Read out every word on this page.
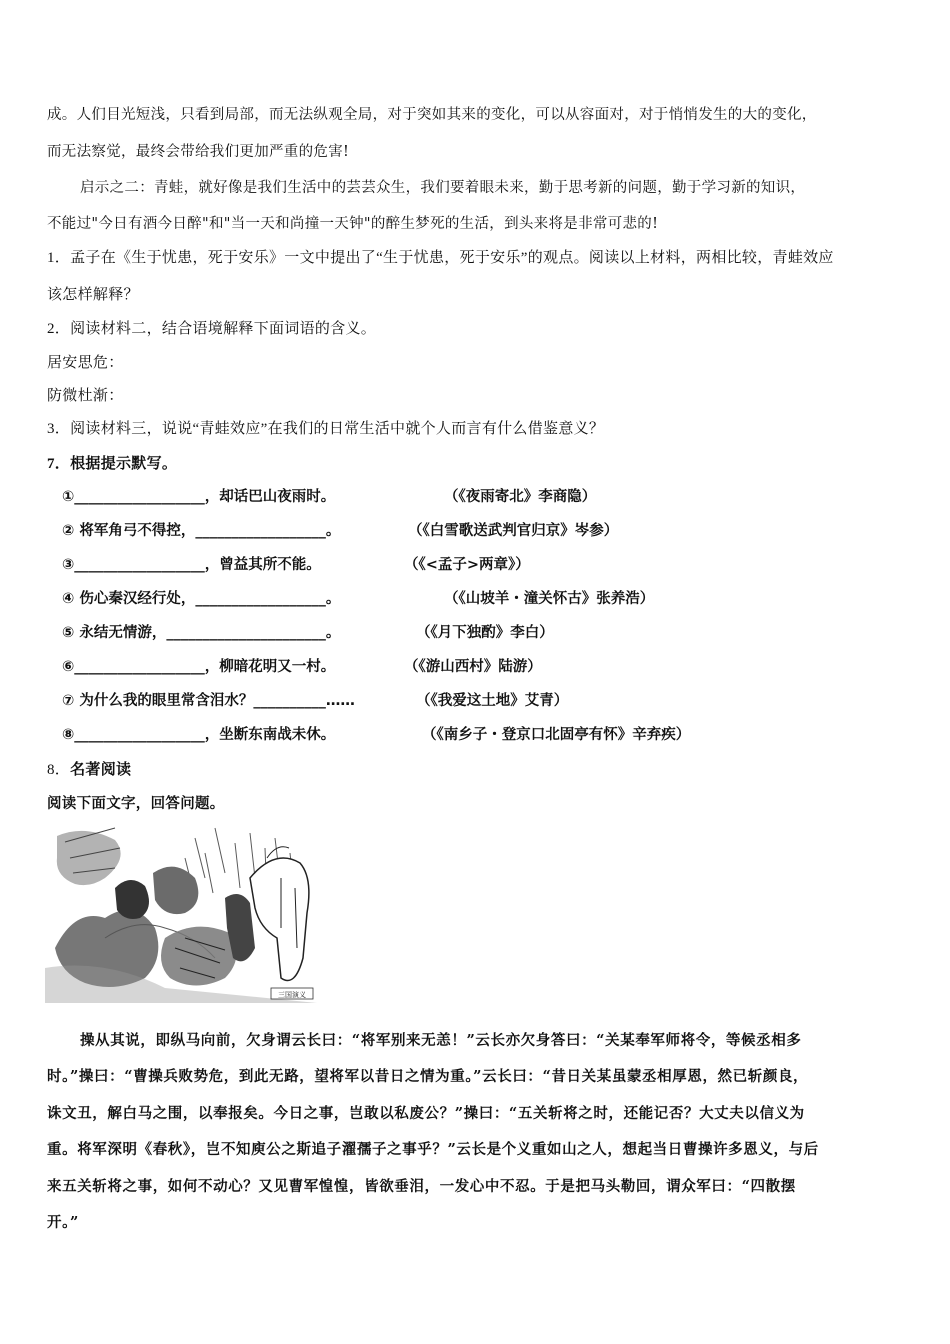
成。人们目光短浅，只看到局部，而无法纵观全局，对于突如其来的变化，可以从容面对，对于悄悄发生的大的变化，
而无法察觉，最终会带给我们更加严重的危害!
启示之二：青蛙，就好像是我们生活中的芸芸众生，我们要着眼未来，勤于思考新的问题，勤于学习新的知识，
不能过"今日有酒今日醉"和"当一天和尚撞一天钟"的醉生梦死的生活，到头来将是非常可悲的!
1．孟子在《生于忧患，死于安乐》一文中提出了“生于忧患，死于安乐”的观点。阅读以上材料，两相比较，青蛙效应
该怎样解释？
2．阅读材料二，结合语境解释下面词语的含义。
居安思危：
防微杜渐：
3．阅读材料三，说说“青蛙效应”在我们的日常生活中就个人而言有什么借鉴意义？
7．根据提示默写。
①__________________，却话巴山夜雨时。	（《夜雨寄北》李商隐）
② 将军角弓不得控，__________________。	（《白雪歌送武判官归京》岑参）
③__________________，曾益其所不能。	（《<孟子>两章》）
④ 伤心秦汉经行处，__________________。	（《山坡羊・潼关怀古》张养浩）
⑤ 永结无情游，______________________。	（《月下独酌》李白）
⑥__________________，柳暗花明又一村。	（《游山西村》陆游）
⑦ 为什么我的眼里常含泪水？__________……	（《我爱这土地》艾青）
⑧__________________，坐断东南战未休。	（《南乡子・登京口北固亭有怀》辛弃疾）
8．名著阅读
阅读下面文字，回答问题。
三国演义
操从其说，即纵马向前，欠身谓云长曰：“将军别来无恙！”云长亦欠身答曰：“关某奉军师将令，等候丞相多
时。”操曰：“曹操兵败势危，到此无路，望将军以昔日之情为重。”云长曰：“昔日关某虽蒙丞相厚恩，然已斩颜良，
诛文丑，解白马之围，以奉报矣。今日之事，岂敢以私废公？”操曰：“五关斩将之时，还能记否？大丈夫以信义为
重。将军深明《春秋》，岂不知庾公之斯追子濯孺子之事乎？”云长是个义重如山之人，想起当日曹操许多恩义，与后
来五关斩将之事，如何不动心？又见曹军惶惶，皆欲垂泪，一发心中不忍。于是把马头勒回，谓众军曰：“四散摆
开。”
